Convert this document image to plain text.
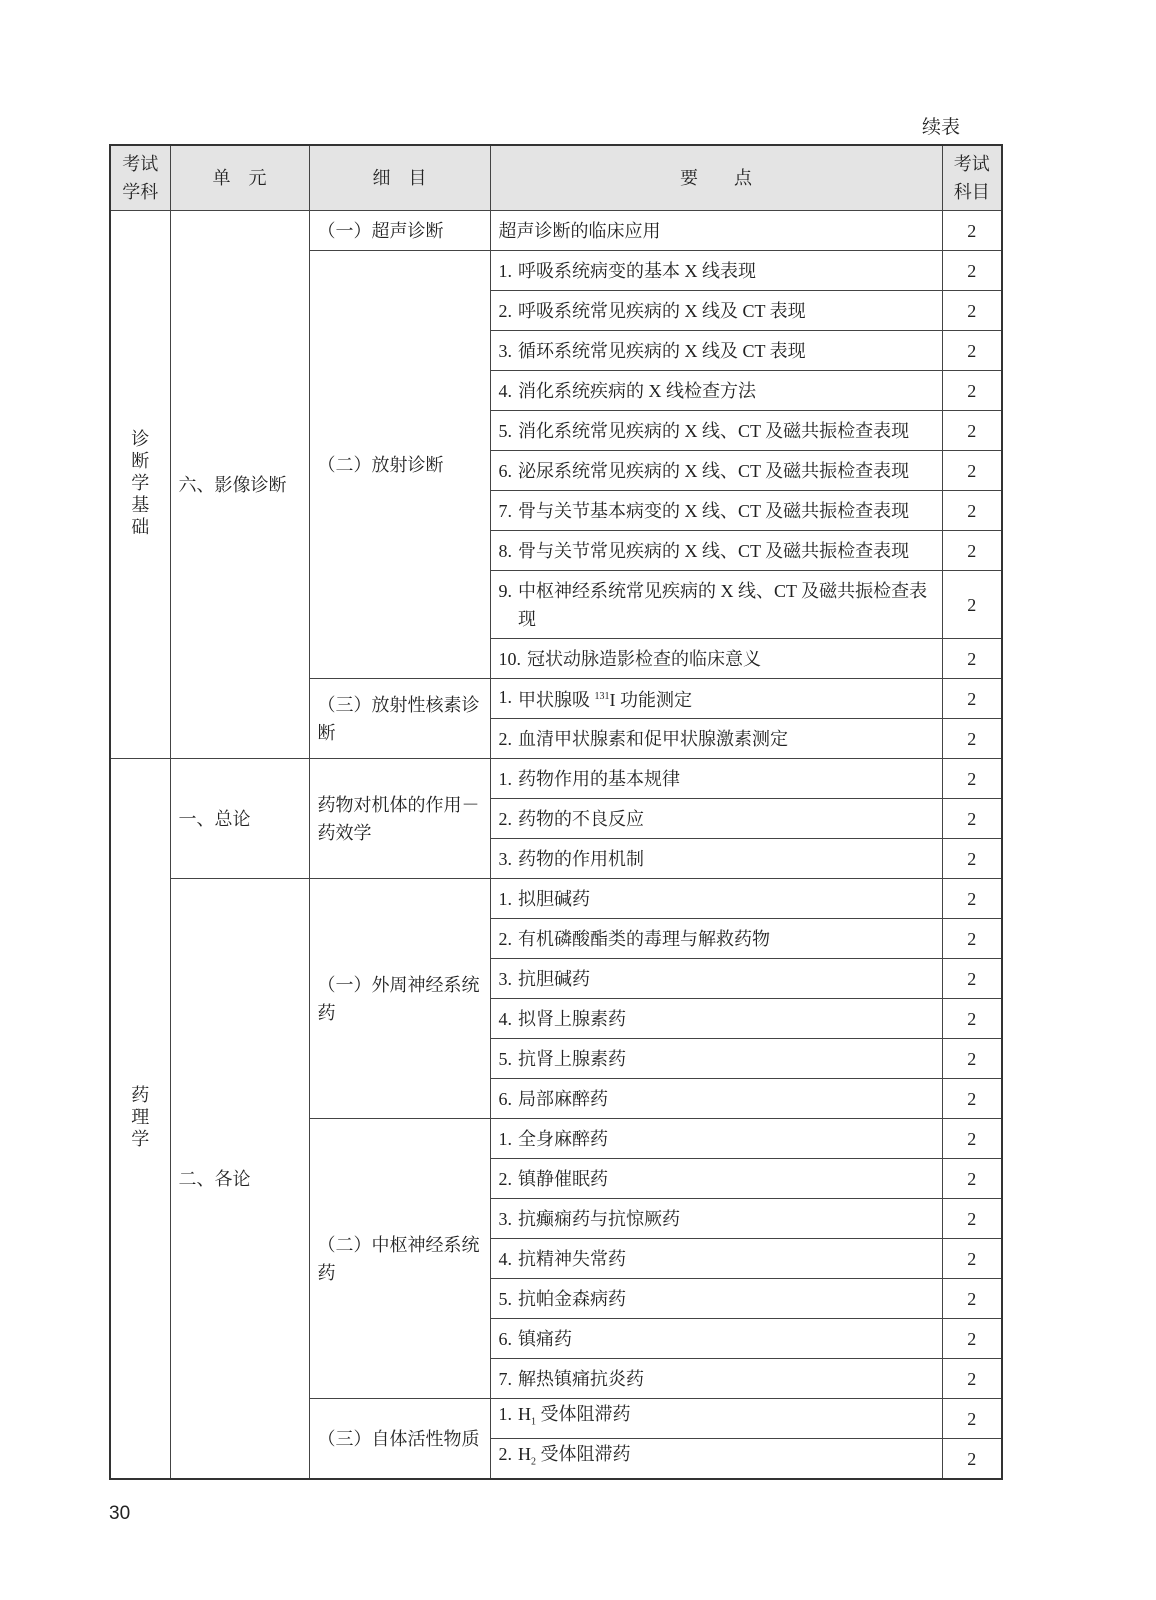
续表
考试学科	单　元	细　目	要　　点	考试科目
诊断学基础	六、影像诊断	（一）超声诊断	超声诊断的临床应用	2
		（二）放射诊断	1. 呼吸系统病变的基本 X 线表现	2

			2. 呼吸系统常见疾病的 X 线及 CT 表现	2

			3. 循环系统常见疾病的 X 线及 CT 表现	2

			4. 消化系统疾病的 X 线检查方法	2

			5. 消化系统常见疾病的 X 线、CT 及磁共振检查表现	2

			6. 泌尿系统常见疾病的 X 线、CT 及磁共振检查表现	2

			7. 骨与关节基本病变的 X 线、CT 及磁共振检查表现	2

			8. 骨与关节常见疾病的 X 线、CT 及磁共振检查表现	2

			9. 中枢神经系统常见疾病的 X 线、CT 及磁共振检查表现	2

			10. 冠状动脉造影检查的临床意义	2
		（三）放射性核素诊断	1. 甲状腺吸 $^{131}$I 功能测定	2

			2. 血清甲状腺素和促甲状腺激素测定	2
药理学	一、总论	药物对机体的作用－药效学	1. 药物作用的基本规律	2

			2. 药物的不良反应	2

			3. 药物的作用机制	2
	二、各论	（一）外周神经系统药	1. 拟胆碱药	2

			2. 有机磷酸酯类的毒理与解救药物	2

			3. 抗胆碱药	2

			4. 拟肾上腺素药	2

			5. 抗肾上腺素药	2

			6. 局部麻醉药	2
		（二）中枢神经系统药	1. 全身麻醉药	2

			2. 镇静催眠药	2

			3. 抗癫痫药与抗惊厥药	2

			4. 抗精神失常药	2

			5. 抗帕金森病药	2

			6. 镇痛药	2

			7. 解热镇痛抗炎药	2
		（三）自体活性物质	1. $H_1$ 受体阻滞药	2

			2. $H_2$ 受体阻滞药	2
30
